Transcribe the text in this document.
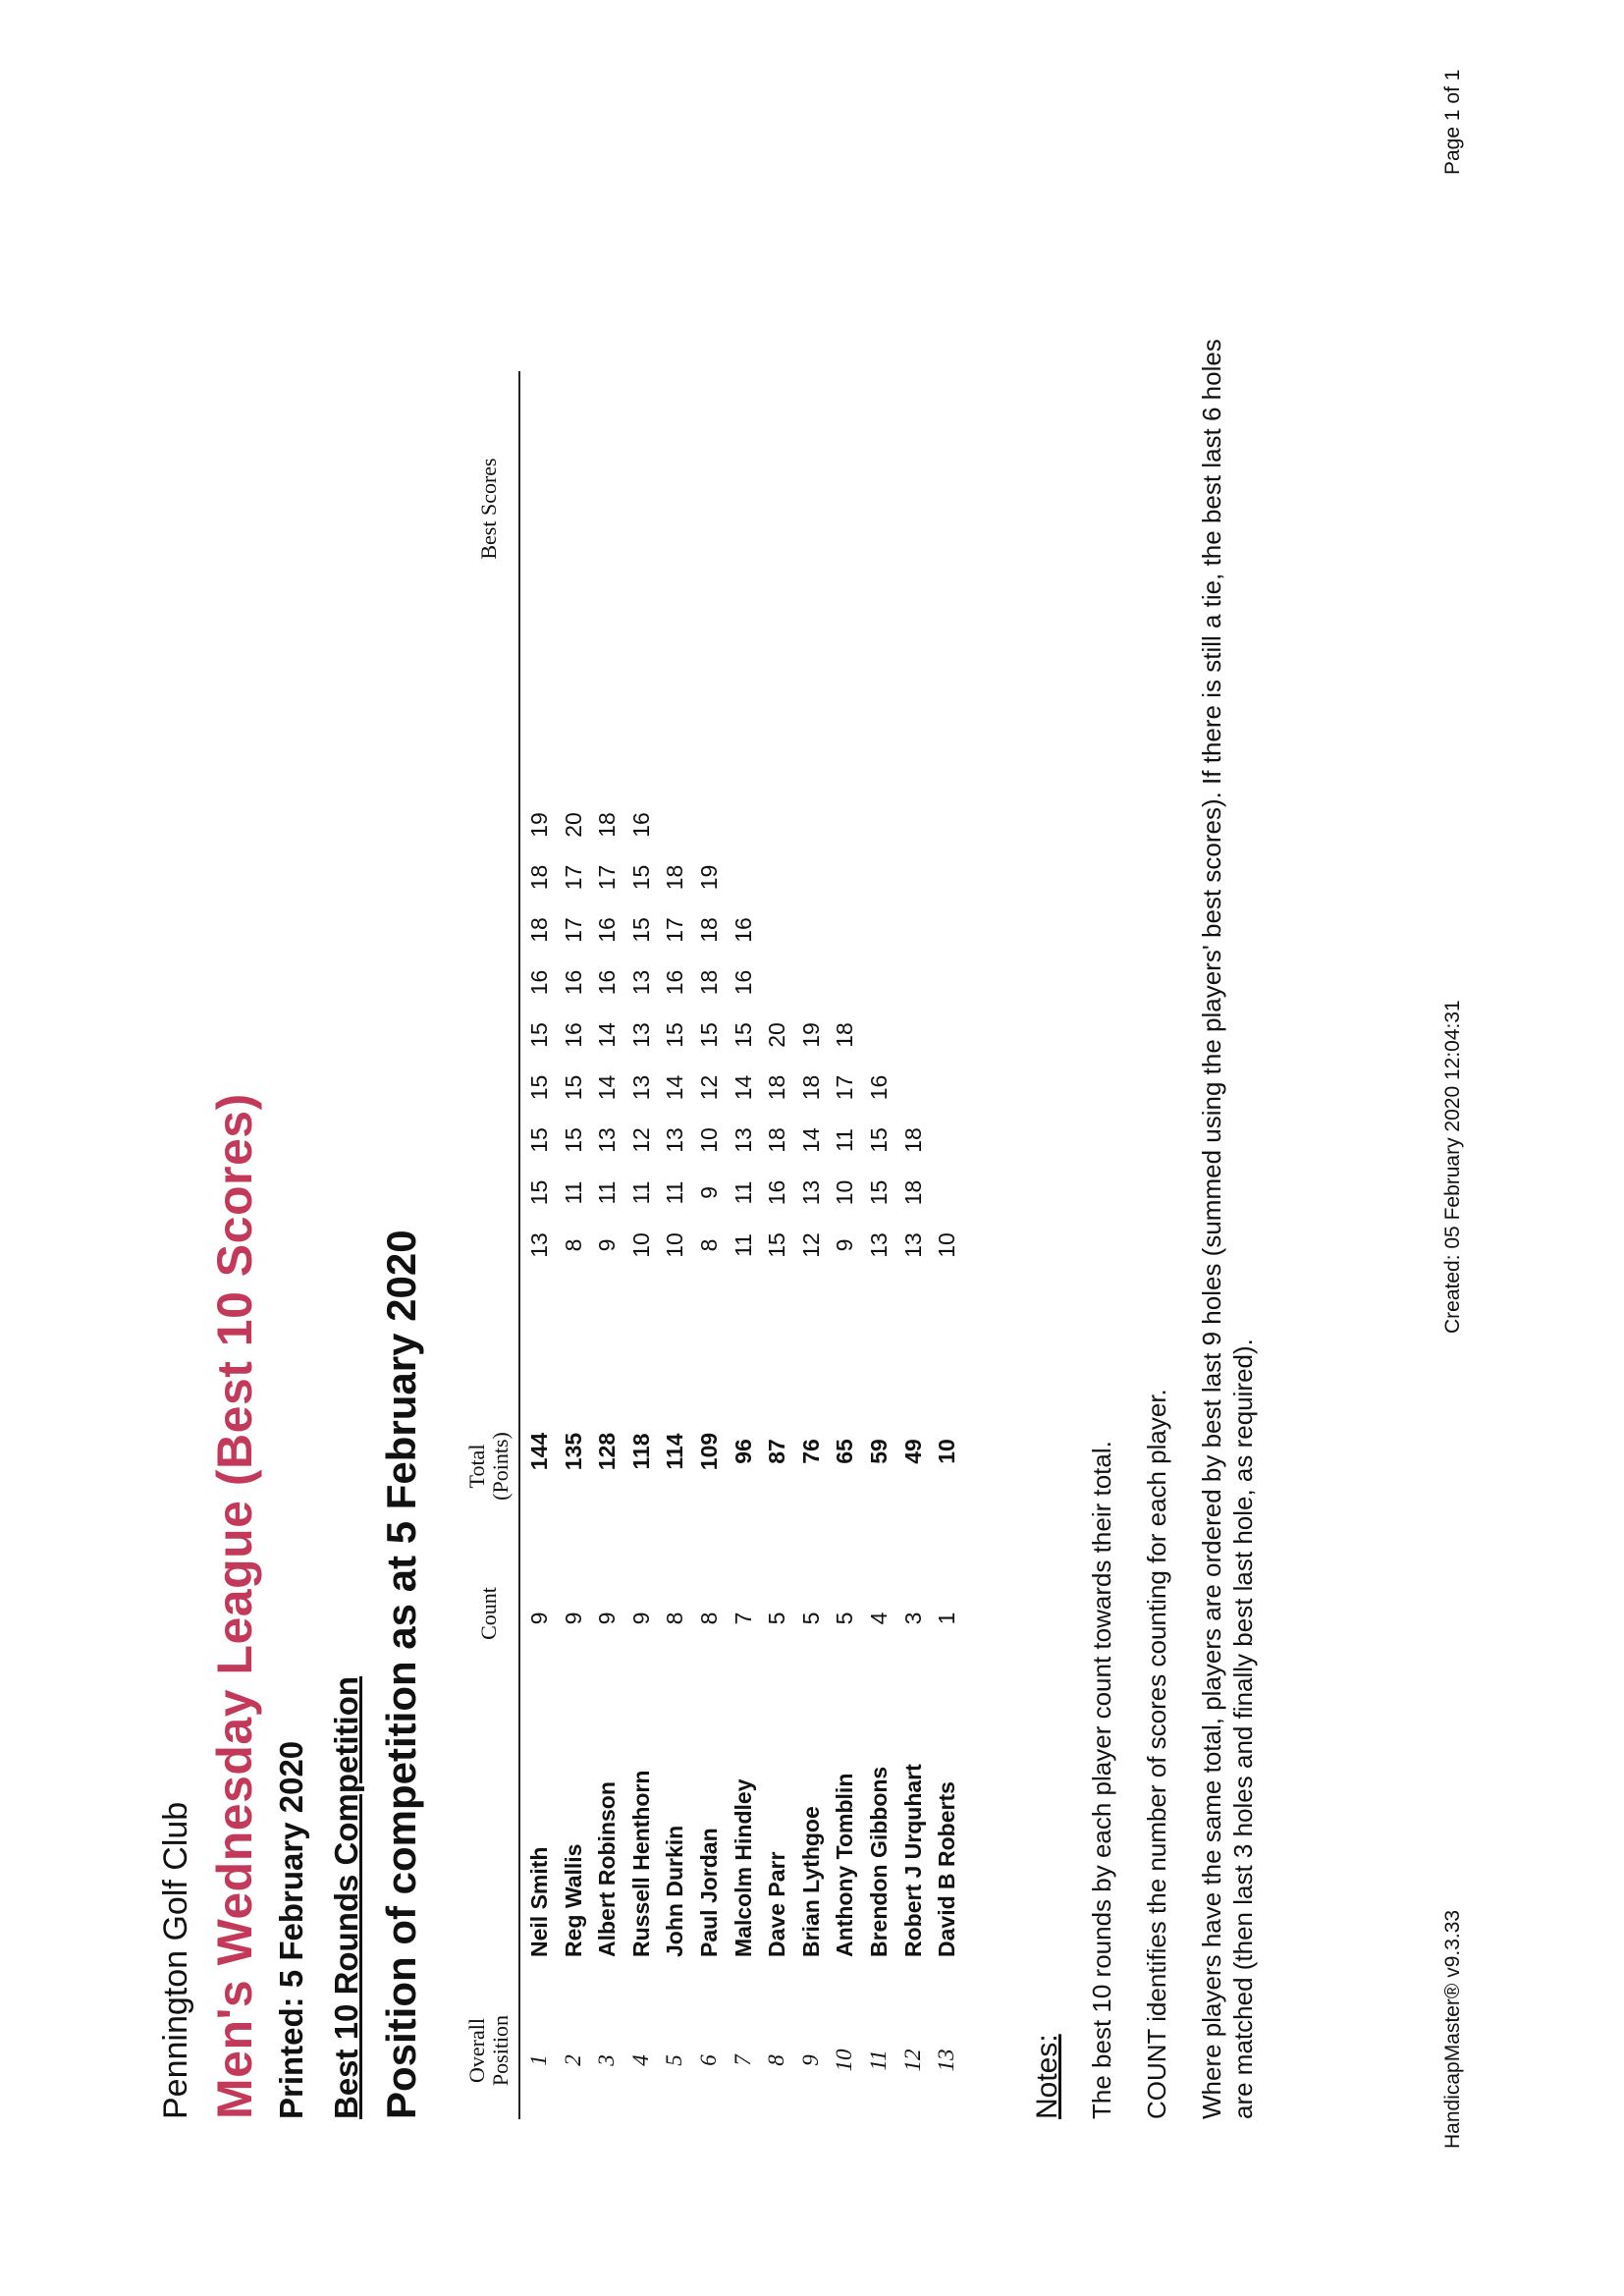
Pennington Golf Club Men's Wednesday League (Best 10 Scores) Printed: 5 February 2020 Best 10 Rounds Competition Position of competition as at 5 February 2020 Overall Position
Count
Total (Points)
Best Scores
1
Neil Smith
9
144
13
15
15
15
15
16
18
18
19
2
Reg Wallis
9
135
8
11
15
15
16
16
17
17
20
3
Albert Robinson
9
128
9
11
13
14
14
16
16
17
18
4
Russell Henthorn
9
118
10
11
12
13
13
13
15
15
16
5
John Durkin
8
114
10
11
13
14
15
16
17
18
6
Paul Jordan
8
109
8
9
10
12
15
18
18
19
7
Malcolm Hindley
7
96
11
11
13
14
15
16
16
8
Dave Parr
5
87
15
16
18
18
20
9
Brian Lythgoe
5
76
12
13
14
18
19
10
Anthony Tomblin
5
65
9
10
11
17
18
11
Brendon Gibbons
4
59
13
15
15
16
12
Robert J Urquhart
3
49
13
18
18
13
David B Roberts
1
10
10
Notes: The best 10 rounds by each player count towards their total. COUNT identifies the number of scores counting for each player. Where players have the same total, players are ordered by best last 9 holes (summed using the players' best scores). If there is still a tie, the best last 6 holes are matched (then last 3 holes and finally best last hole, as required).	HandicapMaster® v9.3.33
Created: 05 February 2020 12:04:31
Page 1 of 1
